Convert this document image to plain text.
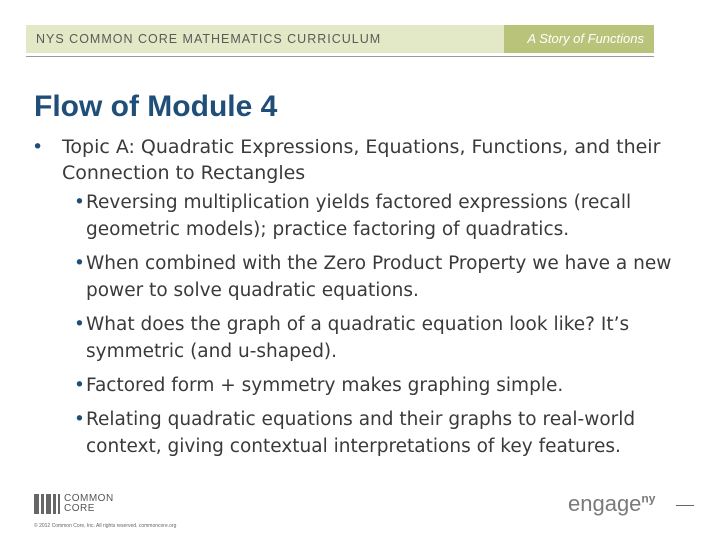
NYS COMMON CORE MATHEMATICS CURRICULUM	A Story of Functions
Flow of Module 4
• Topic A: Quadratic Expressions, Equations, Functions, and their Connection to Rectangles
• Reversing multiplication yields factored expressions (recall geometric models); practice factoring of quadratics.
• When combined with the Zero Product Property we have a new power to solve quadratic equations.
• What does the graph of a quadratic equation look like? It’s symmetric (and u-shaped).
• Factored form + symmetry makes graphing simple.
• Relating quadratic equations and their graphs to real-world context, giving contextual interpretations of key features.
COMMON
CORE
© 2012 Common Core, Inc. All rights reserved. commoncore.org
engage$^{ny}$
